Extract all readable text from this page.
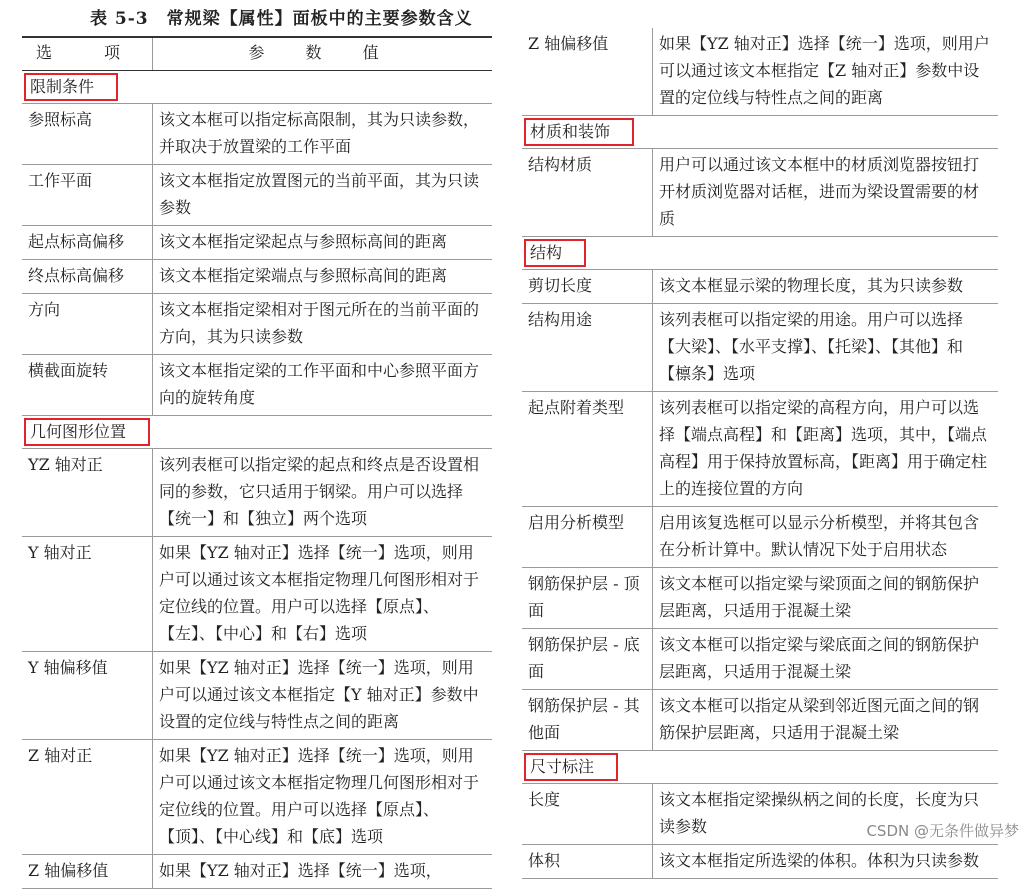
表 5-3　常规梁【属性】面板中的主要参数含义
选　项	参 数 值
限制条件	
参照标高	该文本框可以指定标高限制，其为只读参数，并取决于放置梁的工作平面
工作平面	该文本框指定放置图元的当前平面，其为只读参数
起点标高偏移	该文本框指定梁起点与参照标高间的距离
终点标高偏移	该文本框指定梁端点与参照标高间的距离
方向	该文本框指定梁相对于图元所在的当前平面的方向，其为只读参数
横截面旋转	该文本框指定梁的工作平面和中心参照平面方向的旋转角度
几何图形位置	
YZ 轴对正	该列表框可以指定梁的起点和终点是否设置相同的参数，它只适用于钢梁。用户可以选择【统一】和【独立】两个选项
Y 轴对正	如果【YZ 轴对正】选择【统一】选项，则用户可以通过该文本框指定物理几何图形相对于定位线的位置。用户可以选择【原点】、【左】、【中心】和【右】选项
Y 轴偏移值	如果【YZ 轴对正】选择【统一】选项，则用户可以通过该文本框指定【Y 轴对正】参数中设置的定位线与特性点之间的距离
Z 轴对正	如果【YZ 轴对正】选择【统一】选项，则用户可以通过该文本框指定物理几何图形相对于定位线的位置。用户可以选择【原点】、【顶】、【中心线】和【底】选项
Z 轴偏移值	如果【YZ 轴对正】选择【统一】选项，
Z 轴偏移值	如果【YZ 轴对正】选择【统一】选项，则用户可以通过该文本框指定【Z 轴对正】参数中设置的定位线与特性点之间的距离
材质和装饰	
结构材质	用户可以通过该文本框中的材质浏览器按钮打开材质浏览器对话框，进而为梁设置需要的材质
结构	
剪切长度	该文本框显示梁的物理长度，其为只读参数
结构用途	该列表框可以指定梁的用途。用户可以选择【大梁】、【水平支撑】、【托梁】、【其他】和【檩条】选项
起点附着类型	该列表框可以指定梁的高程方向，用户可以选择【端点高程】和【距离】选项，其中，【端点高程】用于保持放置标高，【距离】用于确定柱上的连接位置的方向
启用分析模型	启用该复选框可以显示分析模型，并将其包含在分析计算中。默认情况下处于启用状态
钢筋保护层 - 顶面	该文本框可以指定梁与梁顶面之间的钢筋保护层距离，只适用于混凝土梁
钢筋保护层 - 底面	该文本框可以指定梁与梁底面之间的钢筋保护层距离，只适用于混凝土梁
钢筋保护层 - 其他面	该文本框可以指定从梁到邻近图元面之间的钢筋保护层距离，只适用于混凝土梁
尺寸标注	
长度	该文本框指定梁操纵柄之间的长度，长度为只读参数
体积	该文本框指定所选梁的体积。体积为只读参数
CSDN @无条件做异梦
